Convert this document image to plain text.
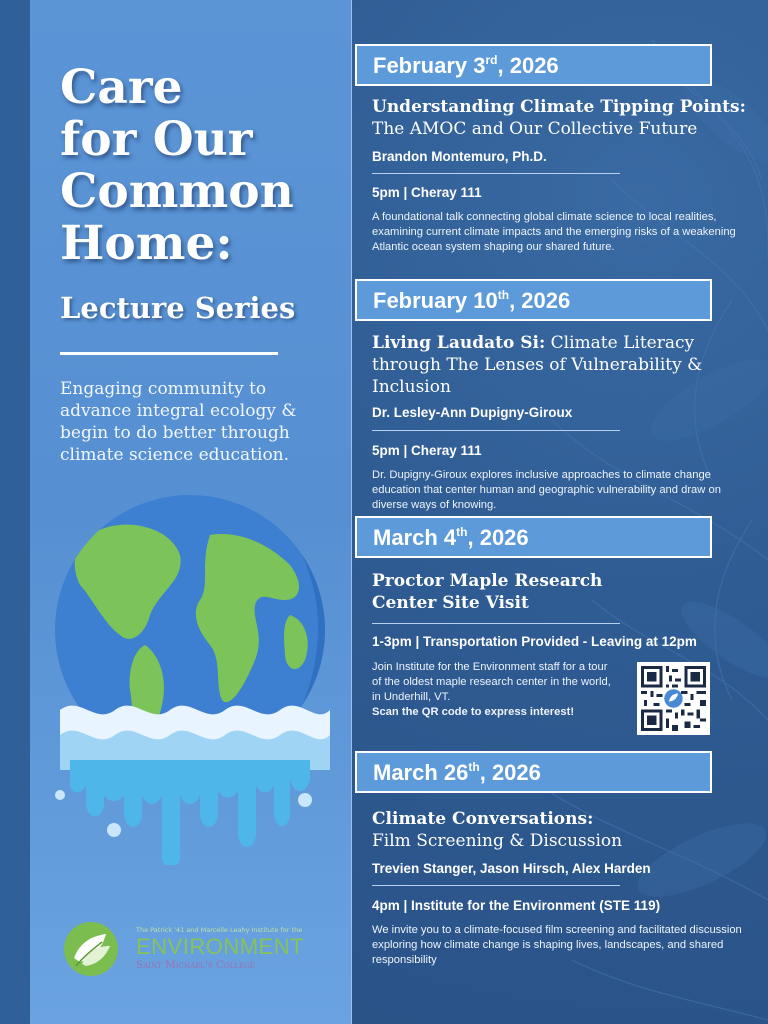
Care
for Our
Common
Home:
Lecture Series
Engaging community to advance integral ecology & begin to do better through climate science education.
The Patrick '41 and Marcelle Leahy Institute for the
ENVIRONMENT
Saint Michael's College
February 3rd, 2026
Understanding Climate Tipping Points:
The AMOC and Our Collective Future
Brandon Montemuro, Ph.D.
5pm | Cheray 111
A foundational talk connecting global climate science to local realities, examining current climate impacts and the emerging risks of a weakening Atlantic ocean system shaping our shared future.
February 10th, 2026
Living Laudato Si: Climate Literacy through The Lenses of Vulnerability & Inclusion
Dr. Lesley-Ann Dupigny-Giroux
5pm | Cheray 111
Dr. Dupigny-Giroux explores inclusive approaches to climate change education that center human and geographic vulnerability and draw on diverse ways of knowing.
March 4th, 2026
Proctor Maple Research Center Site Visit
1-3pm | Transportation Provided - Leaving at 12pm
Join Institute for the Environment staff for a tour of the oldest maple research center in the world, in Underhill, VT.
Scan the QR code to express interest!
March 26th, 2026
Climate Conversations:
Film Screening & Discussion
Trevien Stanger, Jason Hirsch, Alex Harden
4pm | Institute for the Environment (STE 119)
We invite you to a climate-focused film screening and facilitated discussion exploring how climate change is shaping lives, landscapes, and shared responsibility
